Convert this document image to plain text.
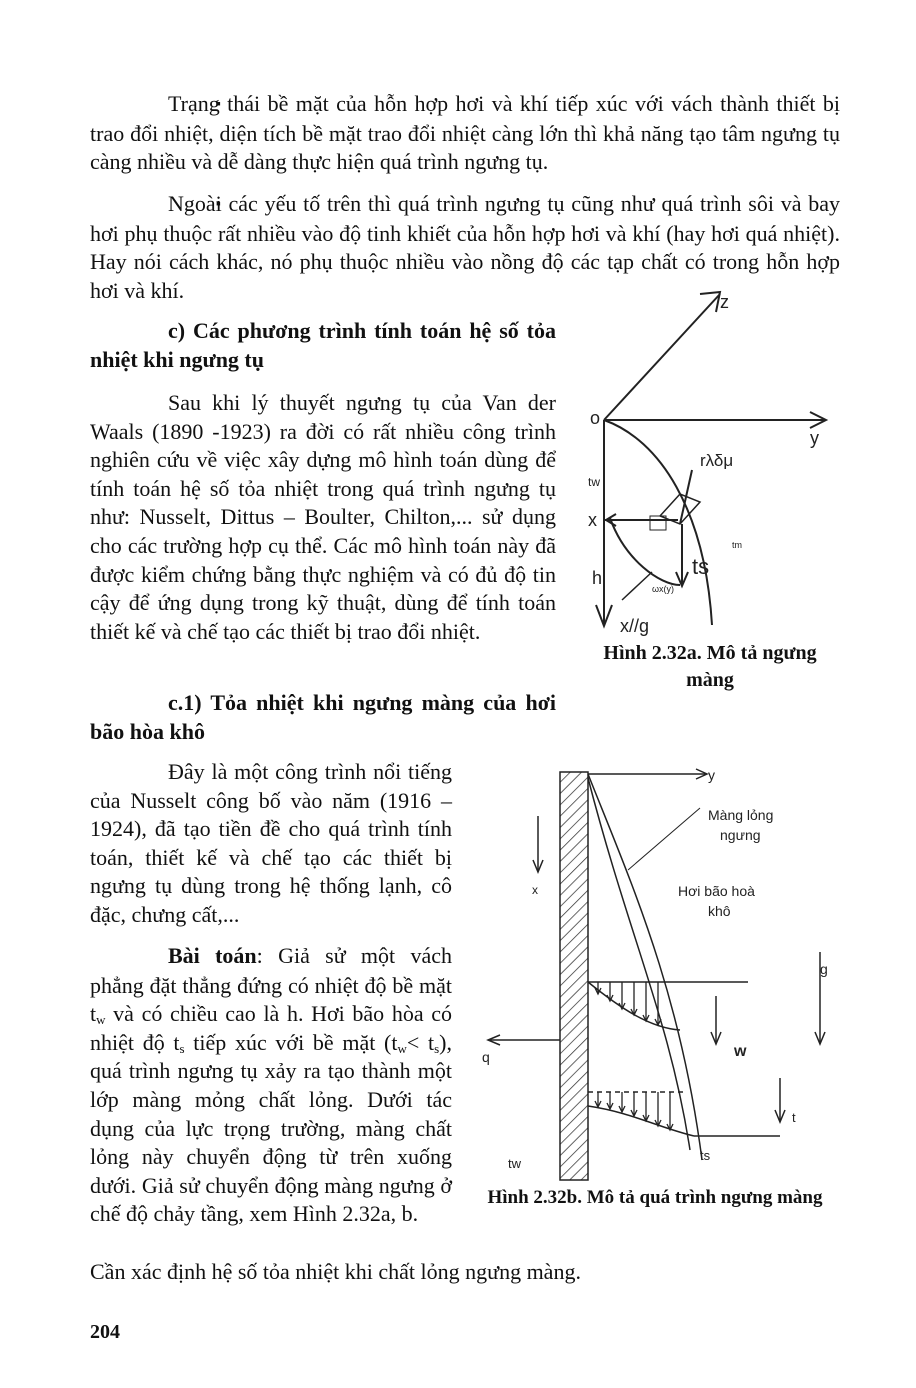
▪ Trạng thái bề mặt của hỗn hợp hơi và khí tiếp xúc với vách thành thiết bị trao đổi nhiệt, diện tích bề mặt trao đổi nhiệt càng lớn thì khả năng tạo tâm ngưng tụ càng nhiều và dễ dàng thực hiện quá trình ngưng tụ.

▪ Ngoài các yếu tố trên thì quá trình ngưng tụ cũng như quá trình sôi và bay hơi phụ thuộc rất nhiều vào độ tinh khiết của hỗn hợp hơi và khí (hay hơi quá nhiệt). Hay nói cách khác, nó phụ thuộc nhiều vào nồng độ các tạp chất có trong hỗn hợp hơi và khí.

c) Các phương trình tính toán hệ số tỏa nhiệt khi ngưng tụ

Sau khi lý thuyết ngưng tụ của Van der Waals (1890 -1923) ra đời có rất nhiều công trình nghiên cứu về việc xây dựng mô hình toán dùng để tính toán hệ số tỏa nhiệt trong quá trình ngưng tụ như: Nusselt, Dittus – Boulter, Chilton,... sử dụng cho các trường hợp cụ thể. Các mô hình toán này đã được kiểm chứng bằng thực nghiệm và có đủ độ tin cậy để ứng dụng trong kỹ thuật, dùng để tính toán thiết kế và chế tạo các thiết bị trao đổi nhiệt.

c.1) Tỏa nhiệt khi ngưng màng của hơi bão hòa khô

Đây là một công trình nổi tiếng của Nusselt công bố vào năm (1916 – 1924), đã tạo tiền đề cho quá trình tính toán, thiết kế và chế tạo các thiết bị ngưng tụ dùng trong hệ thống lạnh, cô đặc, chưng cất,...

▪ Bài toán: Giả sử một vách phẳng đặt thẳng đứng có nhiệt độ bề mặt $t_w$ và có chiều cao là h. Hơi bão hòa có nhiệt độ $t_s$ tiếp xúc với bề mặt $(t_w< t_s)$, quá trình ngưng tụ xảy ra tạo thành một lớp màng mỏng chất lỏng. Dưới tác dụng của lực trọng trường, màng chất lỏng này chuyển động từ trên xuống dưới. Giả sử chuyển động màng ngưng ở chế độ chảy tầng, xem Hình 2.32a, b.

Cần xác định hệ số tỏa nhiệt khi chất lỏng ngưng màng.

z
o
y
rλδμ
tw
x
h	ts
tm
ωx(y)
x//g

Hình 2.32a. Mô tả ngưng màng

y
x
Màng lỏng
ngưng
Hơi bão hoà
khô
g
w
q
t
tw
ts

Hình 2.32b. Mô tả quá trình ngưng màng

204
